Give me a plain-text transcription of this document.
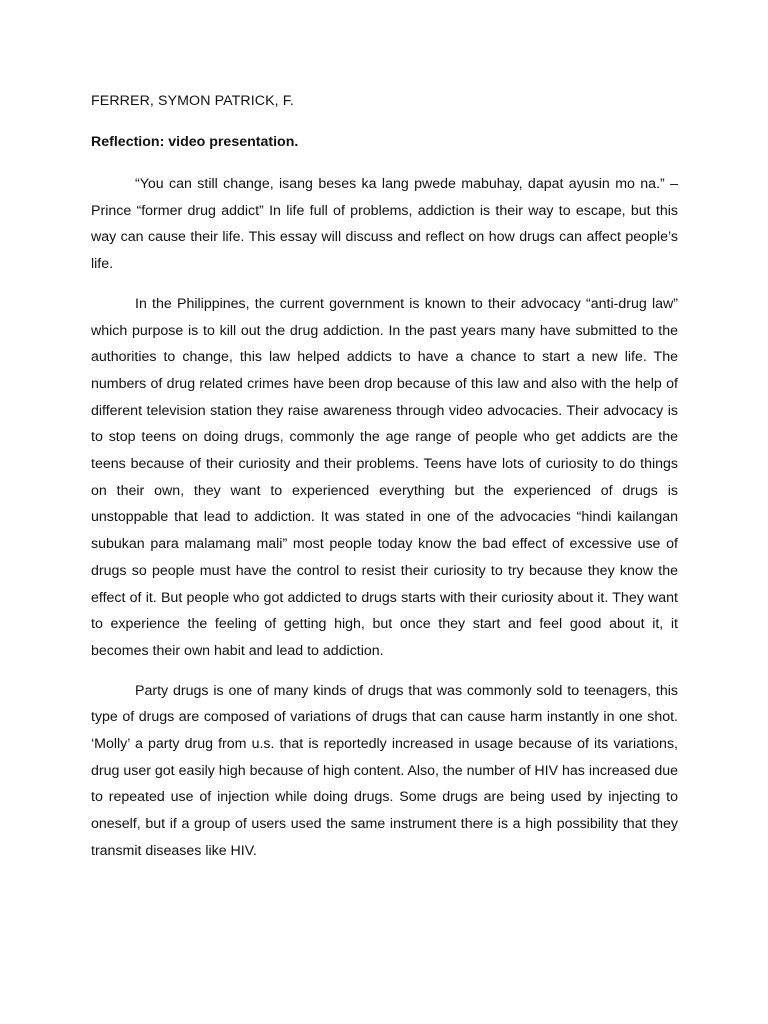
FERRER, SYMON PATRICK, F.

Reflection: video presentation.

“You can still change, isang beses ka lang pwede mabuhay, dapat ayusin mo na.” – Prince “former drug addict” In life full of problems, addiction is their way to escape, but this way can cause their life. This essay will discuss and reflect on how drugs can affect people’s life.

In the Philippines, the current government is known to their advocacy “anti-drug law” which purpose is to kill out the drug addiction. In the past years many have submitted to the authorities to change, this law helped addicts to have a chance to start a new life. The numbers of drug related crimes have been drop because of this law and also with the help of different television station they raise awareness through video advocacies. Their advocacy is to stop teens on doing drugs, commonly the age range of people who get addicts are the teens because of their curiosity and their problems. Teens have lots of curiosity to do things on their own, they want to experienced everything but the experienced of drugs is unstoppable that lead to addiction. It was stated in one of the advocacies “hindi kailangan subukan para malamang mali” most people today know the bad effect of excessive use of drugs so people must have the control to resist their curiosity to try because they know the effect of it. But people who got addicted to drugs starts with their curiosity about it. They want to experience the feeling of getting high, but once they start and feel good about it, it becomes their own habit and lead to addiction.

Party drugs is one of many kinds of drugs that was commonly sold to teenagers, this type of drugs are composed of variations of drugs that can cause harm instantly in one shot. ‘Molly’ a party drug from u.s. that is reportedly increased in usage because of its variations, drug user got easily high because of high content. Also, the number of HIV has increased due to repeated use of injection while doing drugs. Some drugs are being used by injecting to oneself, but if a group of users used the same instrument there is a high possibility that they transmit diseases like HIV.
